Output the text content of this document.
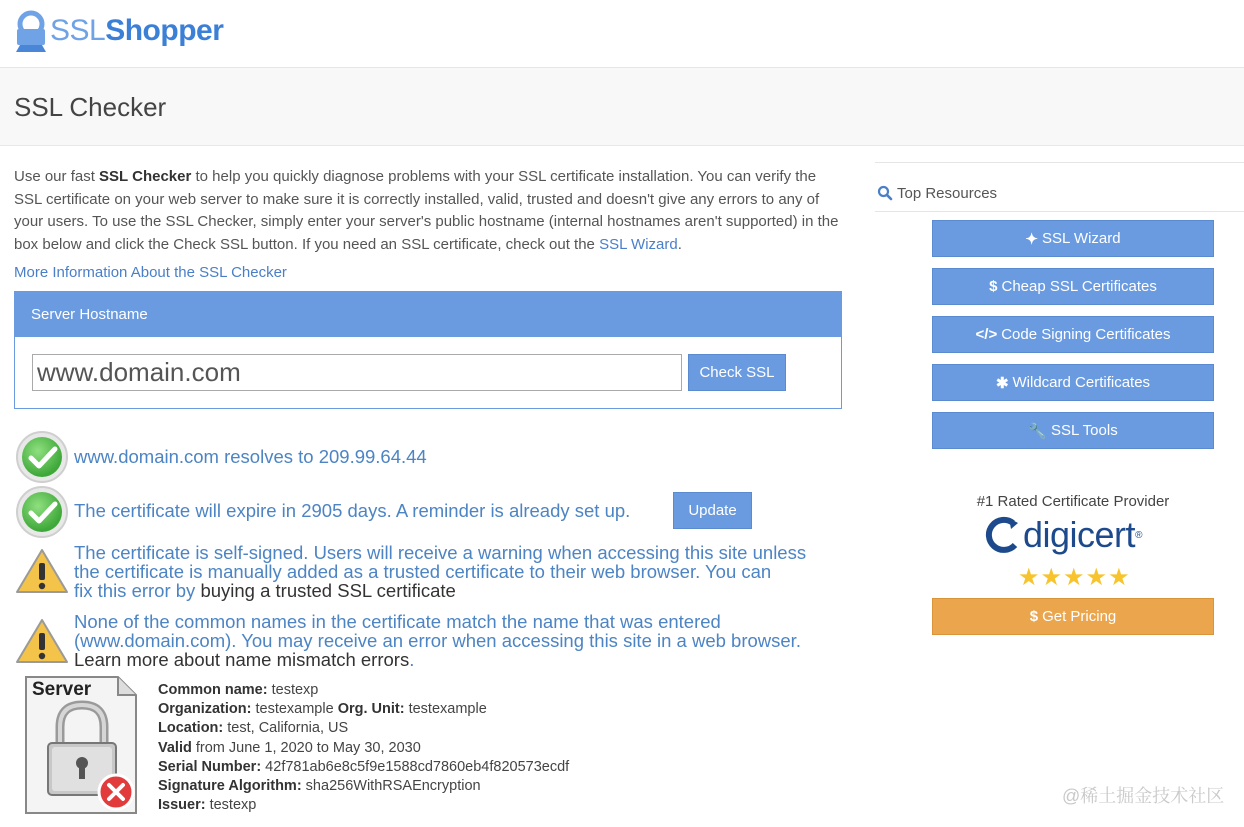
SSLShopper
SSL Checker

Use our fast SSL Checker to help you quickly diagnose problems with your SSL certificate installation. You can verify the SSL certificate on your web server to make sure it is correctly installed, valid, trusted and doesn't give any errors to any of your users. To use the SSL Checker, simply enter your server's public hostname (internal hostnames aren't supported) in the box below and click the Check SSL button. If you need an SSL certificate, check out the SSL Wizard.

More Information About the SSL Checker
Server Hostname
www.domain.com
Check SSL
www.domain.com resolves to 209.99.64.44
The certificate will expire in 2905 days. A reminder is already set up.	Update
The certificate is self-signed. Users will receive a warning when accessing this site unless
the certificate is manually added as a trusted certificate to their web browser. You can
fix this error by buying a trusted SSL certificate
None of the common names in the certificate match the name that was entered
(www.domain.com). You may receive an error when accessing this site in a web browser.
Learn more about name mismatch errors.
Server	Common name: testexp
Organization: testexample Org. Unit: testexample
Location: test, California, US
Valid from June 1, 2020 to May 30, 2030
Serial Number: 42f781ab6e8c5f9e1588cd7860eb4f820573ecdf
Signature Algorithm: sha256WithRSAEncryption
Issuer: testexp
Top Resources
✦ SSL Wizard
$ Cheap SSL Certificates
</> Code Signing Certificates
✱ Wildcard Certificates
🔧 SSL Tools
#1 Rated Certificate Provider
digicert ®
★★★★★
$ Get Pricing
@稀土掘金技术社区
